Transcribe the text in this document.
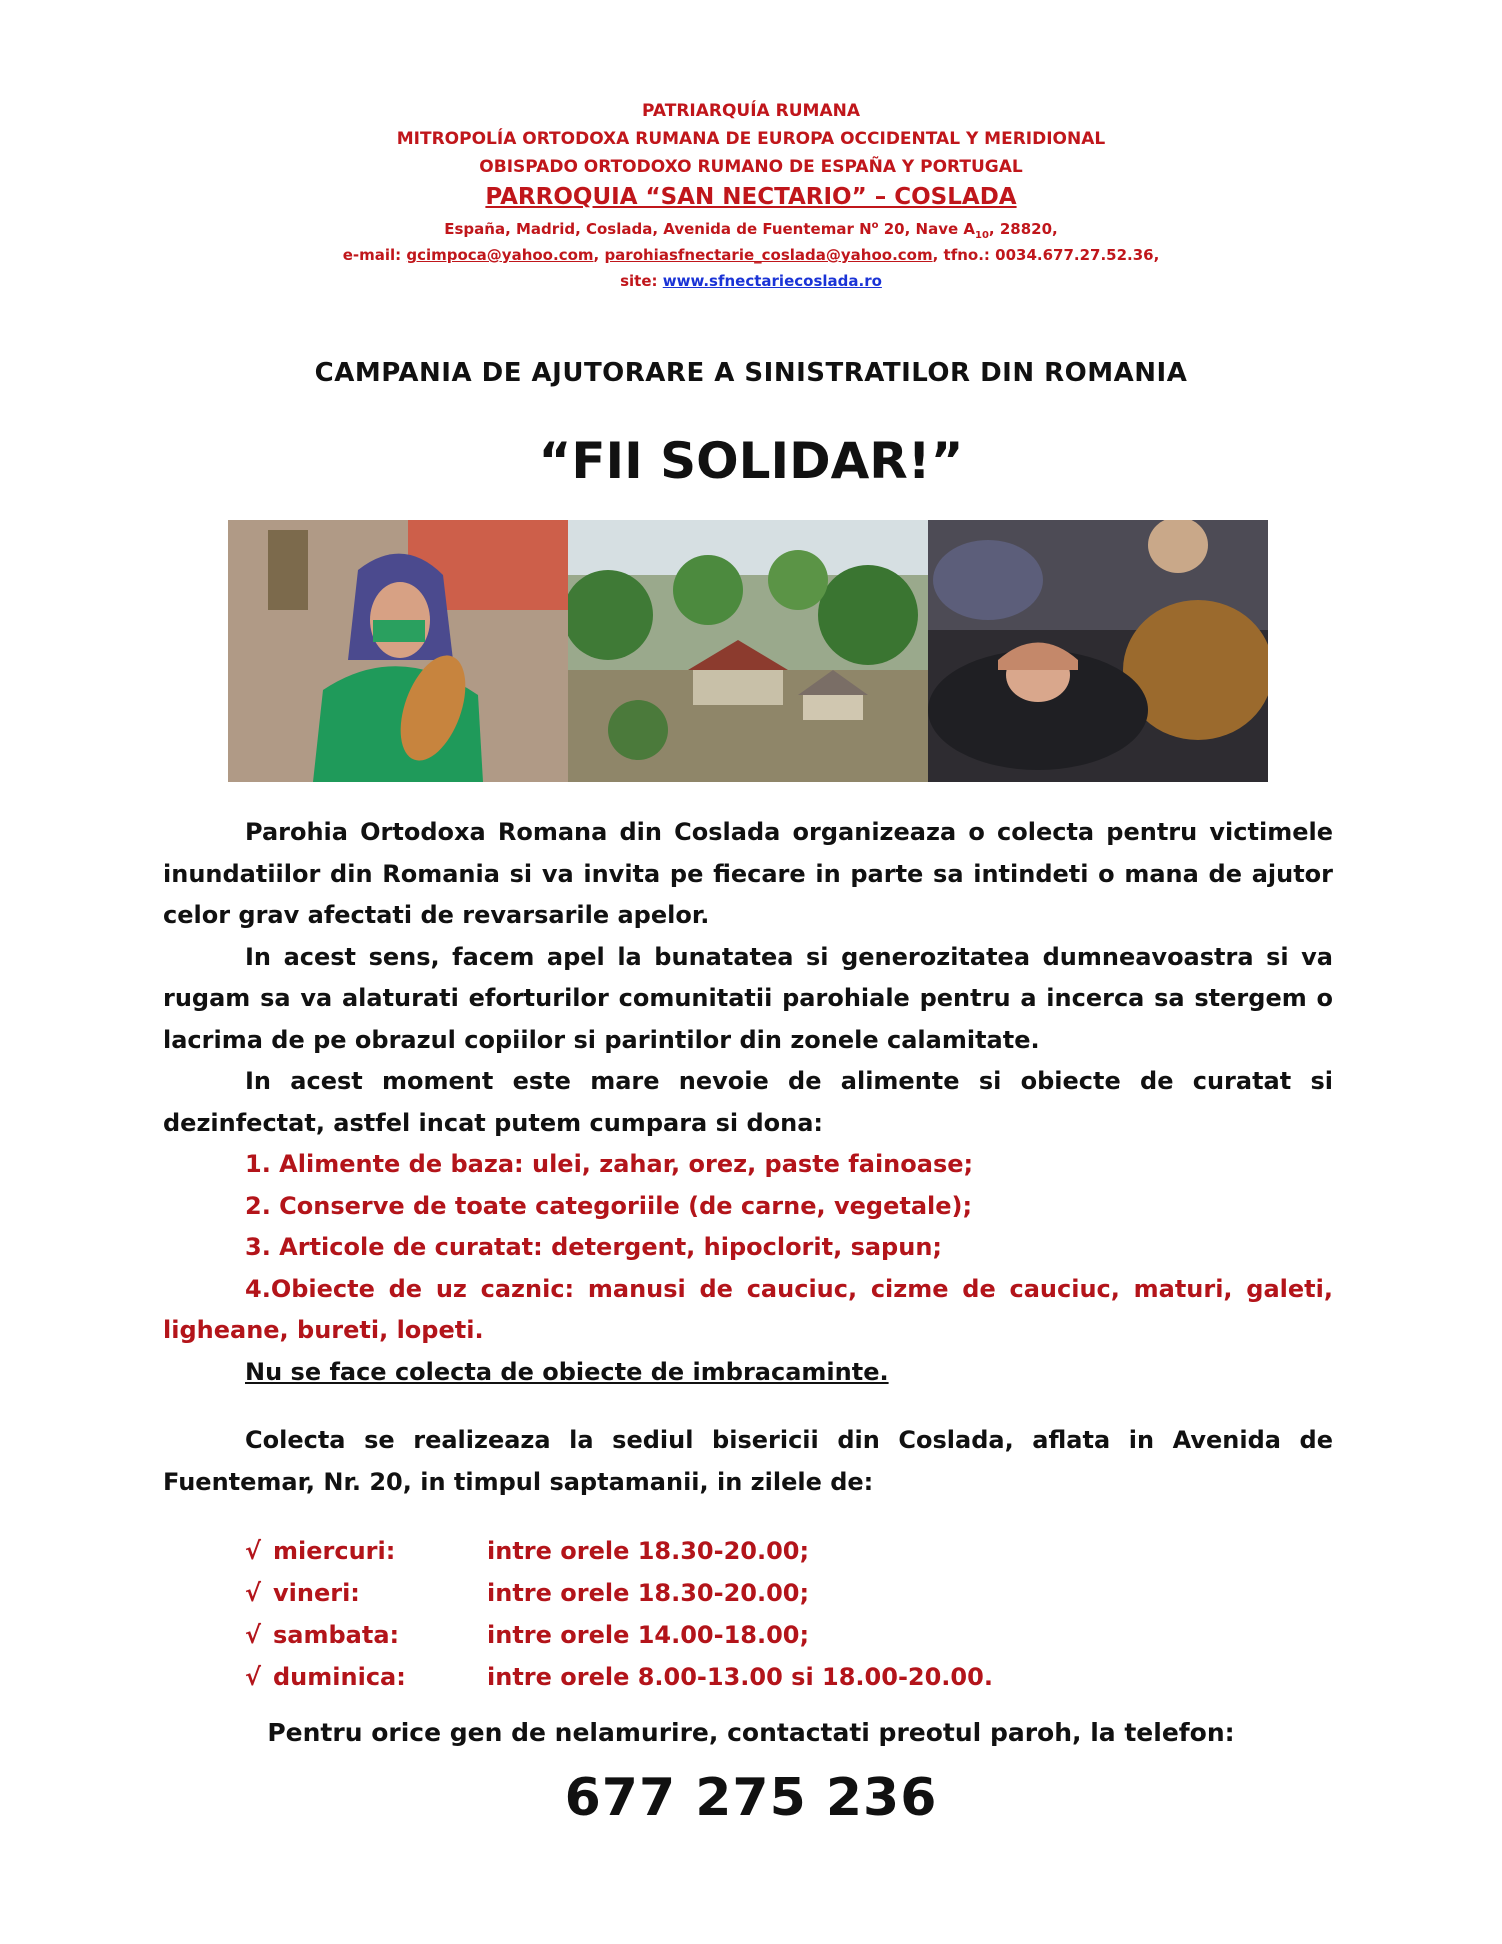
PATRIARQUÍA RUMANA
MITROPOLÍA ORTODOXA RUMANA DE EUROPA OCCIDENTAL Y MERIDIONAL
OBISPADO ORTODOXO RUMANO DE ESPAÑA Y PORTUGAL
PARROQUIA “SAN NECTARIO” – COSLADA
España, Madrid, Coslada, Avenida de Fuentemar $N^o$ 20, Nave $A_{10}$, 28820,
e-mail: gcimpoca@yahoo.com, parohiasfnectarie_coslada@yahoo.com, tfno.: 0034.677.27.52.36,
site: www.sfnectariecoslada.ro
CAMPANIA DE AJUTORARE A SINISTRATILOR DIN ROMANIA
“FII SOLIDAR!”

Parohia Ortodoxa Romana din Coslada organizeaza o colecta pentru victimele inundatiilor din Romania si va invita pe fiecare in parte sa intindeti o mana de ajutor celor grav afectati de revarsarile apelor.

In acest sens, facem apel la bunatatea si generozitatea dumneavoastra si va rugam sa va alaturati eforturilor comunitatii parohiale pentru a incerca sa stergem o lacrima de pe obrazul copiilor si parintilor din zonele calamitate.

In acest moment este mare nevoie de alimente si obiecte de curatat si dezinfectat, astfel incat putem cumpara si dona:

1. Alimente de baza: ulei, zahar, orez, paste fainoase;

2. Conserve de toate categoriile (de carne, vegetale);

3. Articole de curatat: detergent, hipoclorit, sapun;

4.Obiecte de uz caznic: manusi de cauciuc, cizme de cauciuc, maturi, galeti, ligheane, bureti, lopeti.

Nu se face colecta de obiecte de imbracaminte.

Colecta se realizeaza la sediul bisericii din Coslada, aflata in Avenida de Fuentemar, Nr. 20, in timpul saptamanii, in zilele de:

√ miercuri:	intre orele 18.30-20.00;
√ vineri:	intre orele 18.30-20.00;
√ sambata:	intre orele 14.00-18.00;
√ duminica:	intre orele 8.00-13.00 si 18.00-20.00.
Pentru orice gen de nelamurire, contactati preotul paroh, la telefon:
677 275 236
